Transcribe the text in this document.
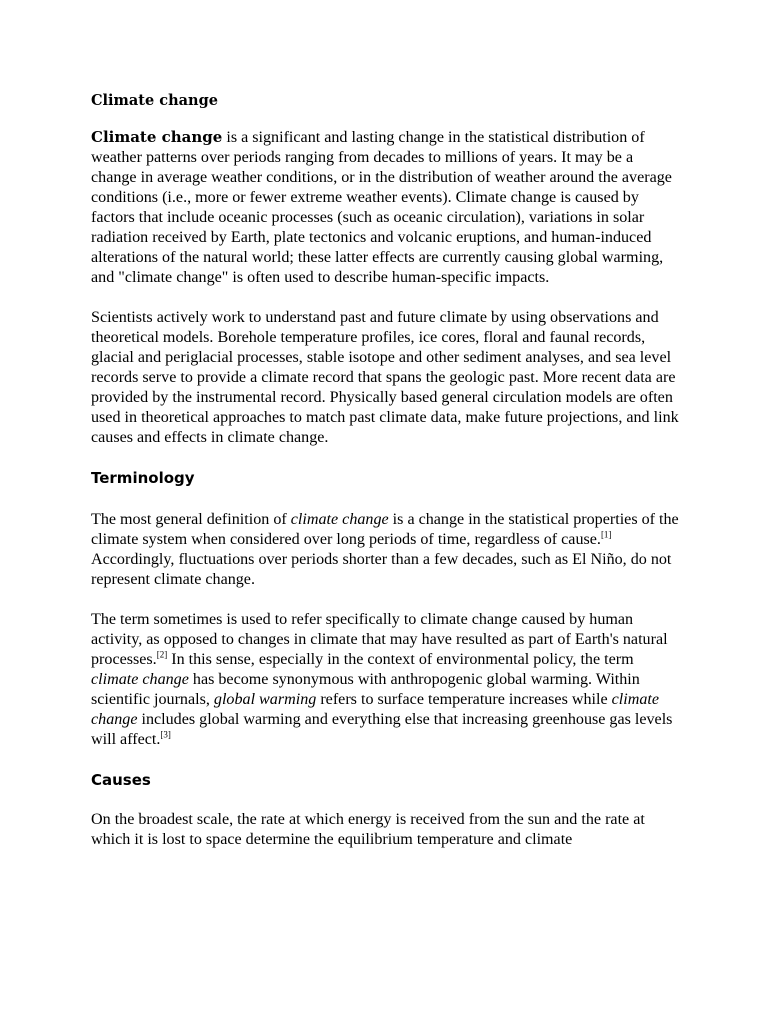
Climate change

Climate change is a significant and lasting change in the statistical distribution of weather patterns over periods ranging from decades to millions of years. It may be a change in average weather conditions, or in the distribution of weather around the average conditions (i.e., more or fewer extreme weather events). Climate change is caused by factors that include oceanic processes (such as oceanic circulation), variations in solar radiation received by Earth, plate tectonics and volcanic eruptions, and human-induced alterations of the natural world; these latter effects are currently causing global warming, and "climate change" is often used to describe human-specific impacts.

Scientists actively work to understand past and future climate by using observations and theoretical models. Borehole temperature profiles, ice cores, floral and faunal records, glacial and periglacial processes, stable isotope and other sediment analyses, and sea level records serve to provide a climate record that spans the geologic past. More recent data are provided by the instrumental record. Physically based general circulation models are often used in theoretical approaches to match past climate data, make future projections, and link causes and effects in climate change.

Terminology

The most general definition of climate change is a change in the statistical properties of the climate system when considered over long periods of time, regardless of cause.[1] Accordingly, fluctuations over periods shorter than a few decades, such as El Niño, do not represent climate change.

The term sometimes is used to refer specifically to climate change caused by human activity, as opposed to changes in climate that may have resulted as part of Earth's natural processes.[2] In this sense, especially in the context of environmental policy, the term climate change has become synonymous with anthropogenic global warming. Within scientific journals, global warming refers to surface temperature increases while climate change includes global warming and everything else that increasing greenhouse gas levels will affect.[3]

Causes

On the broadest scale, the rate at which energy is received from the sun and the rate at which it is lost to space determine the equilibrium temperature and climate
